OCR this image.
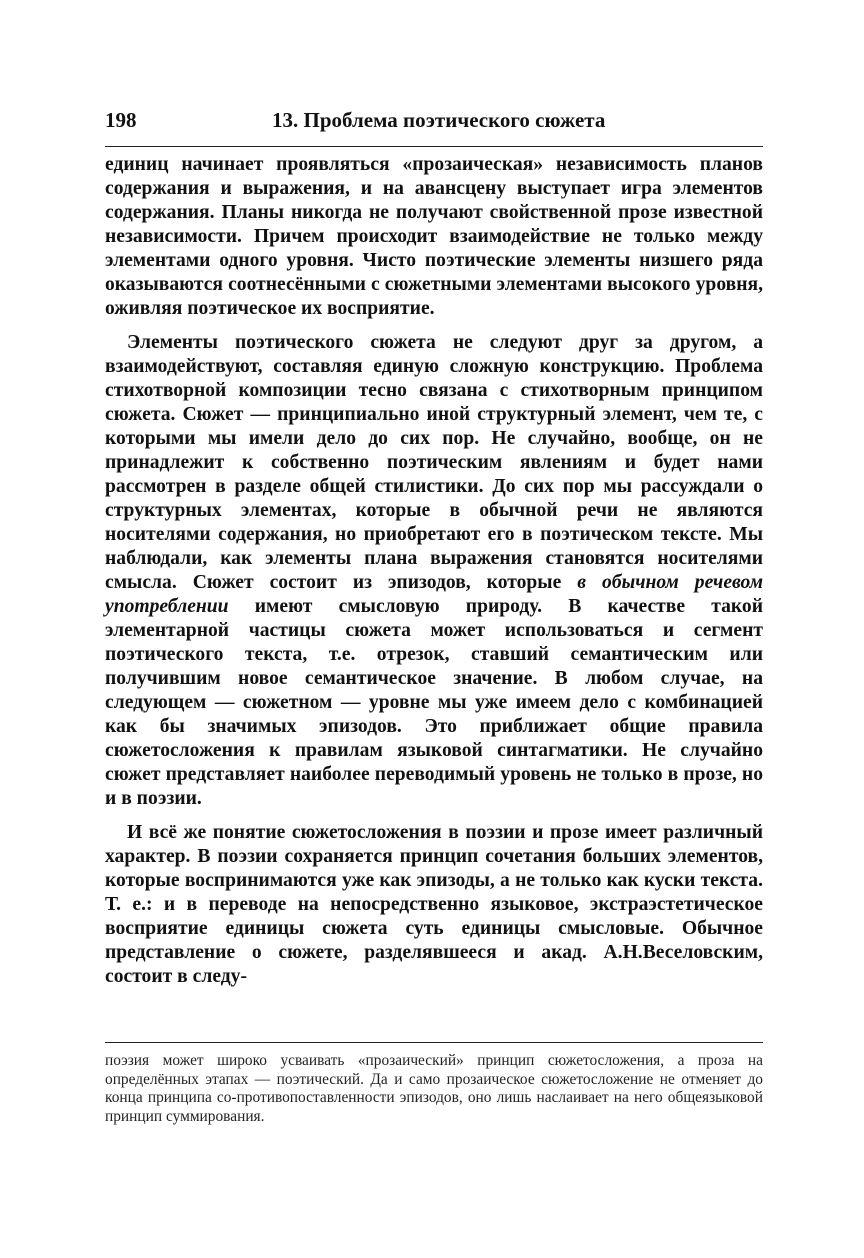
198	13. Проблема поэтического сюжета

единиц начинает проявляться «прозаическая» независимость планов содержания и выражения, и на авансцену выступает игра элементов содержания. Планы никогда не получают свойственной прозе известной независимости. Причем происходит взаимодействие не только между элементами одного уровня. Чисто поэтические элементы низшего ряда оказываются соотнесёнными с сюжетными элементами высокого уровня, оживляя поэтическое их восприятие.

Элементы поэтического сюжета не следуют друг за другом, а взаимодействуют, составляя единую сложную конструкцию. Проблема стихотворной композиции тесно связана с стихотворным принципом сюжета. Сюжет — принципиально иной структурный элемент, чем те, с которыми мы имели дело до сих пор. Не случайно, вообще, он не принадлежит к собственно поэтическим явлениям и будет нами рассмотрен в разделе общей стилистики. До сих пор мы рассуждали о структурных элементах, которые в обычной речи не являются носителями содержания, но приобретают его в поэтическом тексте. Мы наблюдали, как элементы плана выражения становятся носителями смысла. Сюжет состоит из эпизодов, которые в обычном речевом употреблении имеют смысловую природу. В качестве такой элементарной частицы сюжета может использоваться и сегмент поэтического текста, т.е. отрезок, ставший семантическим или получившим новое семантическое значение. В любом случае, на следующем — сюжетном — уровне мы уже имеем дело с комбинацией как бы значимых эпизодов. Это приближает общие правила сюжетосложения к правилам языковой синтагматики. Не случайно сюжет представляет наиболее переводимый уровень не только в прозе, но и в поэзии.

И всё же понятие сюжетосложения в поэзии и прозе имеет различный характер. В поэзии сохраняется принцип сочетания больших элементов, которые воспринимаются уже как эпизоды, а не только как куски текста. Т. е.: и в переводе на непосредственно языковое, экстраэстетическое восприятие единицы сюжета суть единицы смысловые. Обычное представление о сюжете, разделявшееся и акад. А.Н.Веселовским, состоит в следу-

поэзия может широко усваивать «прозаический» принцип сюжетосложения, а проза на определённых этапах — поэтический. Да и само прозаическое сюжетосложение не отменяет до конца принципа со-противопоставленности эпизодов, оно лишь наслаивает на него общеязыковой принцип суммирования.
